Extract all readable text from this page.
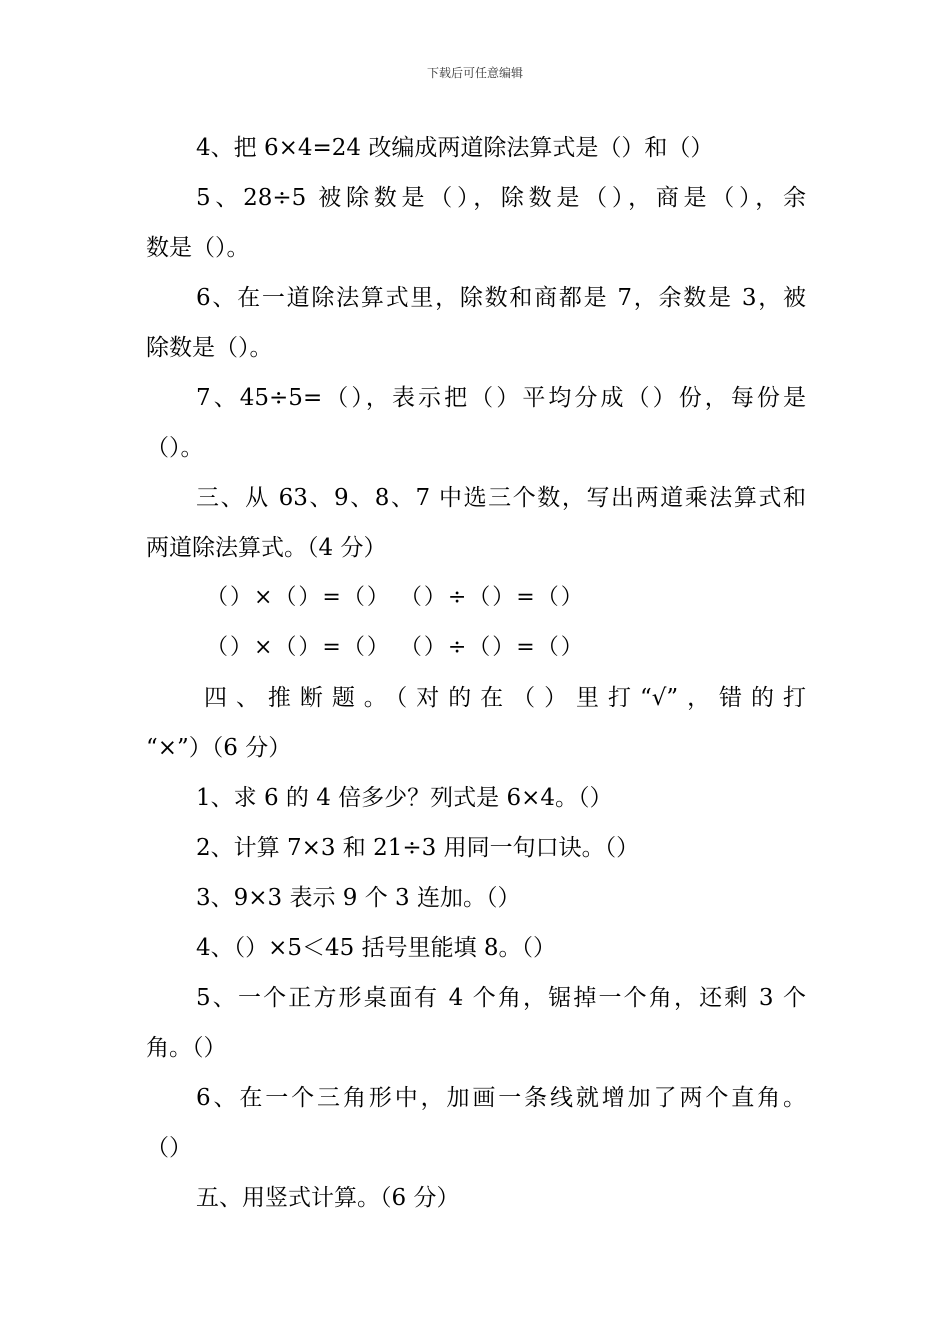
下载后可任意编辑
4、把 6×4=24 改编成两道除法算式是（）和（）
5、28÷5 被除数是（），除数是（），商是（），余
数是（）。
6、在一道除法算式里，除数和商都是 7，余数是 3，被
除数是（）。
7、45÷5=（），表示把（）平均分成（）份，每份是
（）。
三、从 63、9、8、7 中选三个数，写出两道乘法算式和
两道除法算式。（4 分）
（）×（）=（） （）÷（）=（）
（）×（）=（） （）÷（）=（）
四、推断题。（对的在（）里打“√”，错的打
“×”）（6 分）
1、求 6 的 4 倍多少？列式是 6×4。（）
2、计算 7×3 和 21÷3 用同一句口诀。（）
3、9×3 表示 9 个 3 连加。（）
4、（）×5＜45 括号里能填 8。（）
5、一个正方形桌面有 4 个角，锯掉一个角，还剩 3 个
角。（）
6、在一个三角形中，加画一条线就增加了两个直角。
（）
五、用竖式计算。（6 分）
